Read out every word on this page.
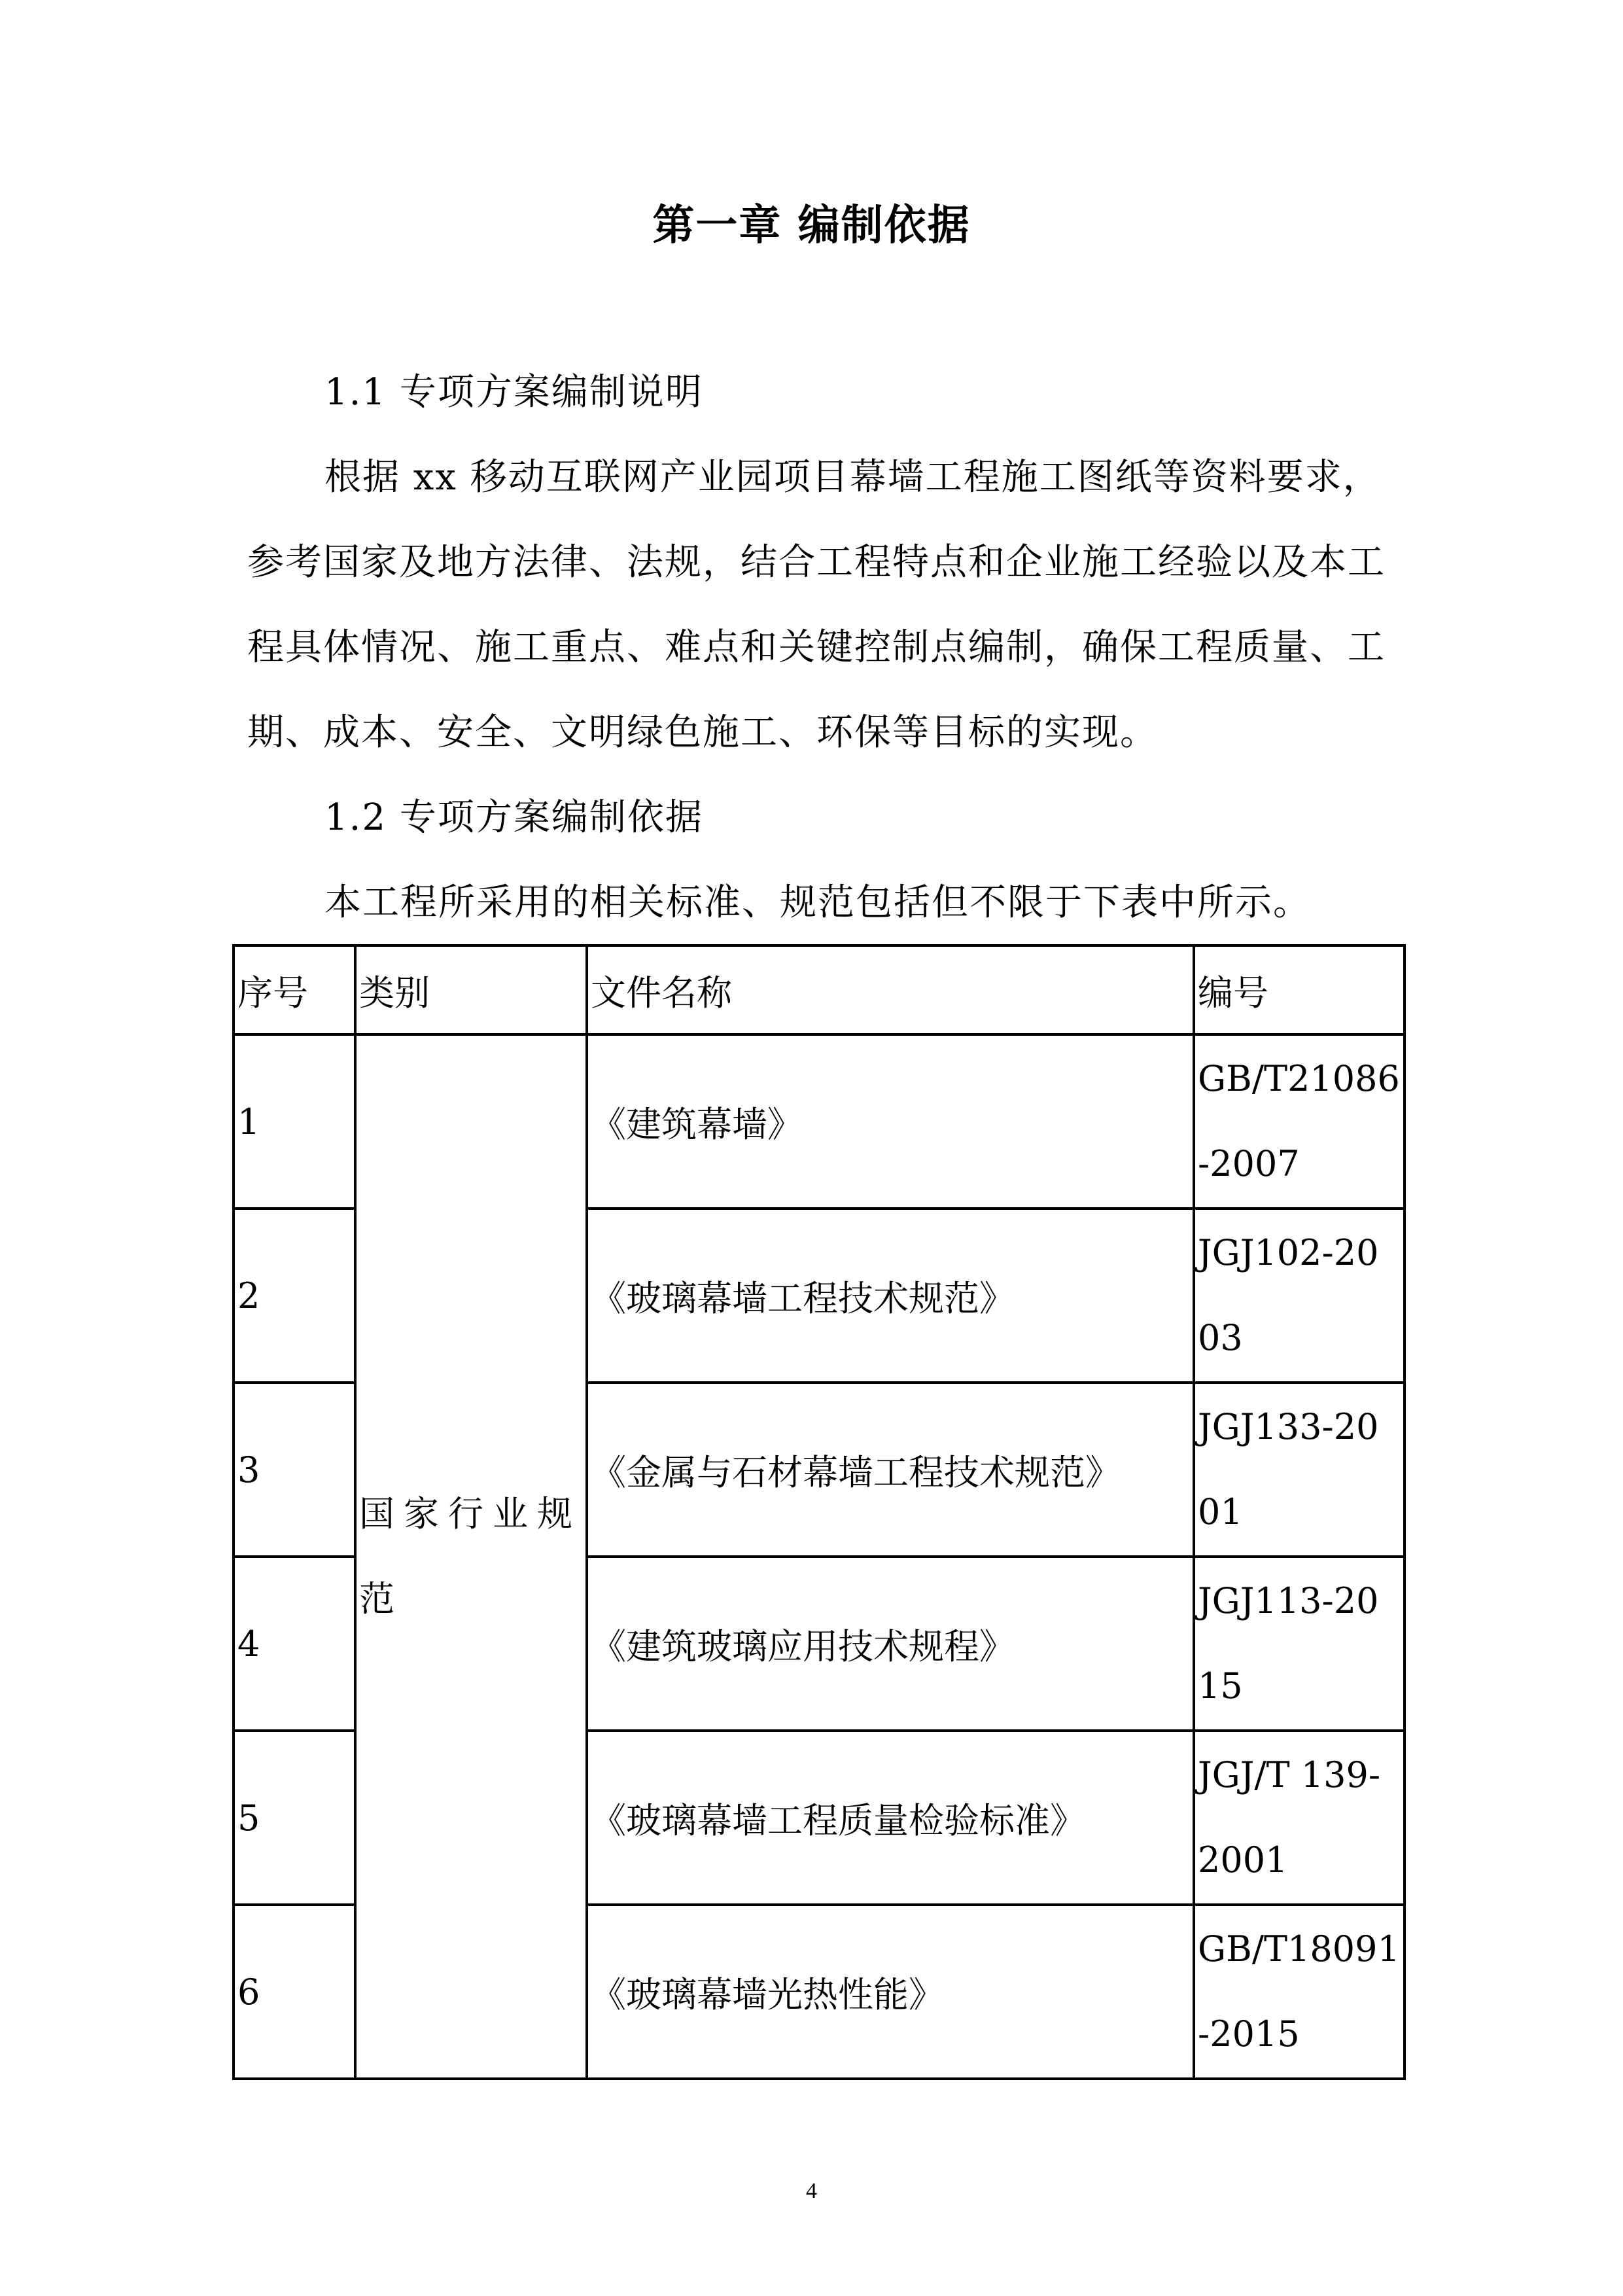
第一章 编制依据
1.1 专项方案编制说明
根据 xx 移动互联网产业园项目幕墙工程施工图纸等资料要求，参考国家及地方法律、法规，结合工程特点和企业施工经验以及本工程具体情况、施工重点、难点和关键控制点编制，确保工程质量、工期、成本、安全、文明绿色施工、环保等目标的实现。
1.2 专项方案编制依据
本工程所采用的相关标准、规范包括但不限于下表中所示。
序号	类别	文件名称	编号
1	国家行业规范	《建筑幕墙》	GB/T21086-2007
2		《玻璃幕墙工程技术规范》	JGJ102-2003
3		《金属与石材幕墙工程技术规范》	JGJ133-2001
4		《建筑玻璃应用技术规程》	JGJ113-2015
5		《玻璃幕墙工程质量检验标准》	JGJ/T 139-2001
6		《玻璃幕墙光热性能》	GB/T18091-2015
4
